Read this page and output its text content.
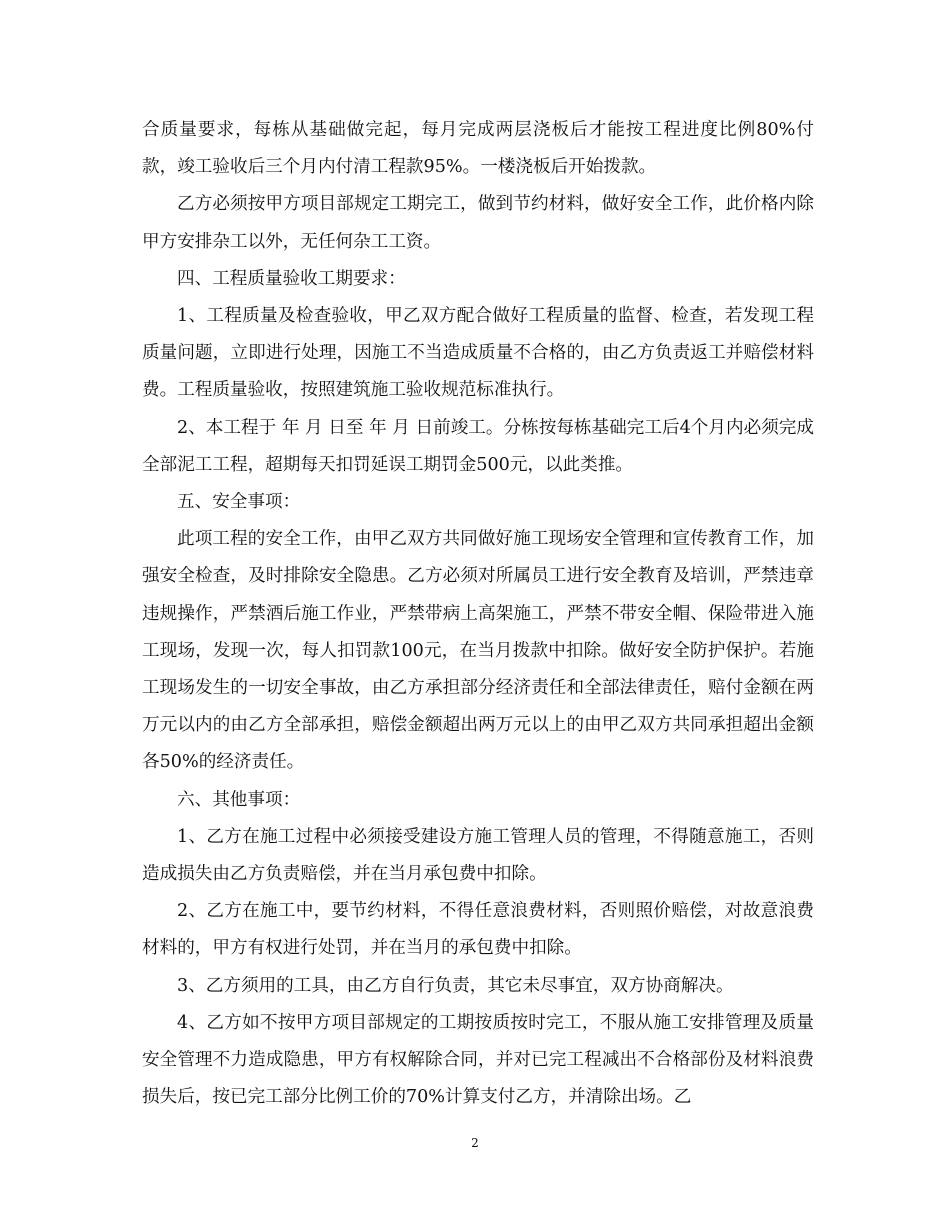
合质量要求，每栋从基础做完起，每月完成两层浇板后才能按工程进度比例80%付款，竣工验收后三个月内付清工程款95%。一楼浇板后开始拨款。

乙方必须按甲方项目部规定工期完工，做到节约材料，做好安全工作，此价格内除甲方安排杂工以外，无任何杂工工资。

四、工程质量验收工期要求：

1、工程质量及检查验收，甲乙双方配合做好工程质量的监督、检查，若发现工程质量问题，立即进行处理，因施工不当造成质量不合格的，由乙方负责返工并赔偿材料费。工程质量验收，按照建筑施工验收规范标准执行。

2、本工程于 年 月 日至 年 月 日前竣工。分栋按每栋基础完工后4个月内必须完成全部泥工工程，超期每天扣罚延误工期罚金500元，以此类推。

五、安全事项：

此项工程的安全工作，由甲乙双方共同做好施工现场安全管理和宣传教育工作，加强安全检查，及时排除安全隐患。乙方必须对所属员工进行安全教育及培训，严禁违章违规操作，严禁酒后施工作业，严禁带病上高架施工，严禁不带安全帽、保险带进入施工现场，发现一次，每人扣罚款100元，在当月拨款中扣除。做好安全防护保护。若施工现场发生的一切安全事故，由乙方承担部分经济责任和全部法律责任，赔付金额在两万元以内的由乙方全部承担，赔偿金额超出两万元以上的由甲乙双方共同承担超出金额各50%的经济责任。

六、其他事项：

1、乙方在施工过程中必须接受建设方施工管理人员的管理，不得随意施工，否则造成损失由乙方负责赔偿，并在当月承包费中扣除。

2、乙方在施工中，要节约材料，不得任意浪费材料，否则照价赔偿，对故意浪费材料的，甲方有权进行处罚，并在当月的承包费中扣除。

3、乙方须用的工具，由乙方自行负责，其它未尽事宜，双方协商解决。

4、乙方如不按甲方项目部规定的工期按质按时完工，不服从施工安排管理及质量安全管理不力造成隐患，甲方有权解除合同，并对已完工程减出不合格部份及材料浪费损失后，按已完工部分比例工价的70%计算支付乙方，并清除出场。乙

2
